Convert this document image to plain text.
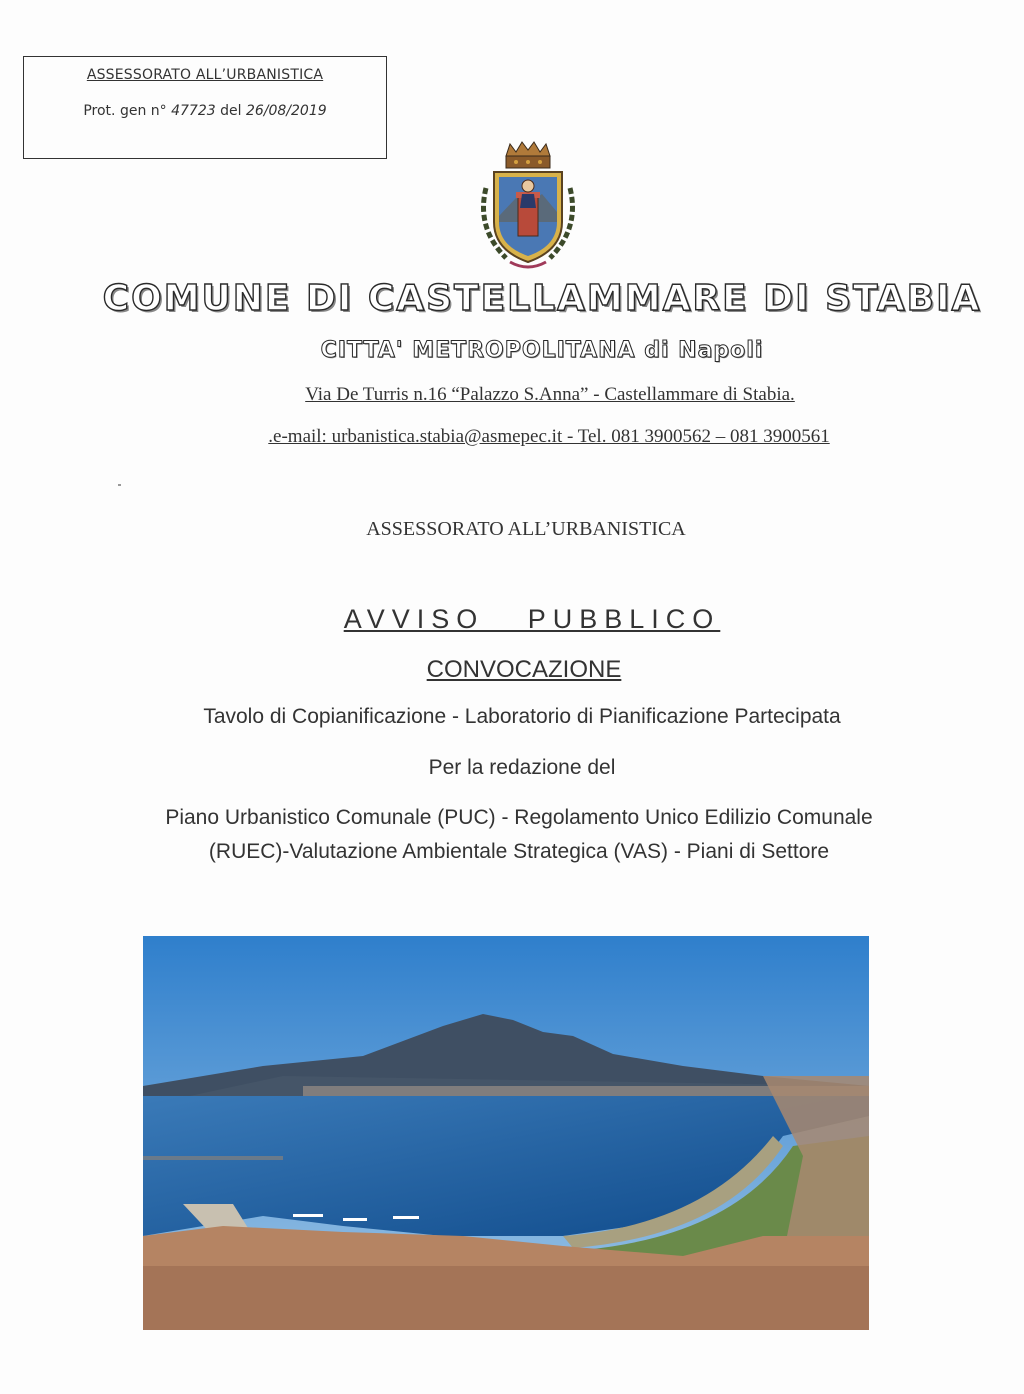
ASSESSORATO ALL’URBANISTICA
Prot. gen n° 47723 del 26/08/2019
COMUNE DI CASTELLAMMARE DI STABIA
CITTA' METROPOLITANA di Napoli
Via De Turris n.16 “Palazzo S.Anna” - Castellammare di Stabia.
.e-mail: urbanistica.stabia@asmepec.it - Tel. 081 3900562 – 081 3900561
ASSESSORATO ALL’URBANISTICA
AVVISO   PUBBLICO
CONVOCAZIONE
Tavolo di Copianificazione - Laboratorio di Pianificazione Partecipata
Per la redazione del
Piano Urbanistico Comunale (PUC) - Regolamento Unico Edilizio Comunale
(RUEC)-Valutazione Ambientale Strategica (VAS) - Piani di Settore
